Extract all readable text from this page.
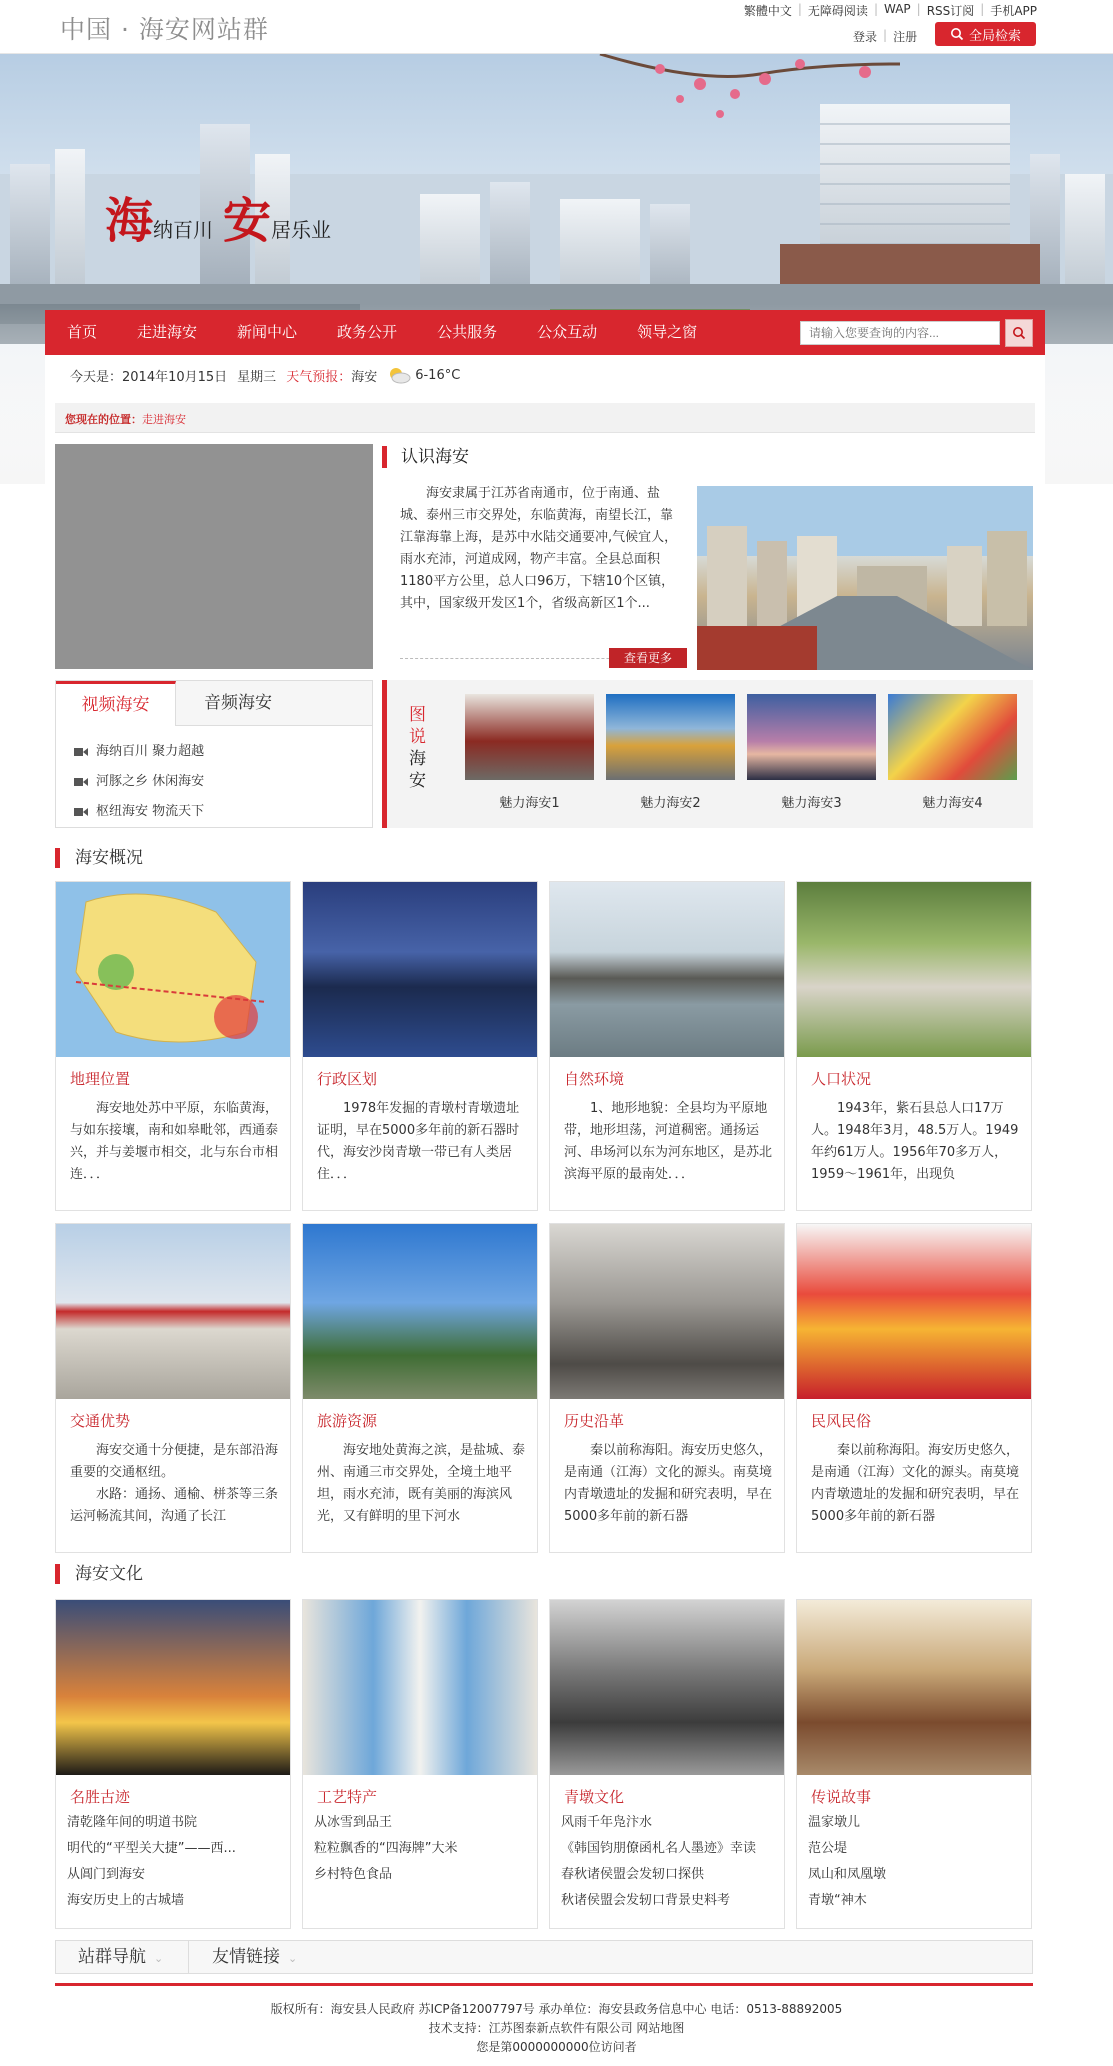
中国 · 海安网站群
繁體中文 | 无障碍阅读 | WAP | RSS订阅 | 手机APP
登录 | 注册	全局检索
海纳百川 安居乐业
首页	走进海安	新闻中心	政务公开	公共服务	公众互动	领导之窗
请输入您要查询的内容...
今天是：2014年10月15日 星期三 天气预报： 海安	6-16°C
您现在的位置：走进海安
认识海安
海安隶属于江苏省南通市，位于南通、盐城、泰州三市交界处，东临黄海，南望长江，靠江靠海靠上海，是苏中水陆交通要冲,气候宜人，雨水充沛，河道成网，物产丰富。全县总面积1180平方公里，总人口96万，下辖10个区镇，其中，国家级开发区1个，省级高新区1个...
查看更多
视频海安	音频海安
海纳百川 聚力超越
河豚之乡 休闲海安
枢纽海安 物流天下
图
说
海
安
魅力海安1	魅力海安2	魅力海安3	魅力海安4
海安概况
地理位置
海安地处苏中平原，东临黄海，与如东接壤，南和如皋毗邻，西通泰兴，并与姜堰市相交，北与东台市相连．．．
行政区划
1978年发掘的青墩村青墩遗址证明，早在5000多年前的新石器时代，海安沙岗青墩一带已有人类居住．．．
自然环境
1、地形地貌：全县均为平原地带，地形坦荡，河道稠密。通扬运河、串场河以东为河东地区，是苏北滨海平原的最南处．．．
人口状况
1943年，紫石县总人口17万人。1948年3月，48.5万人。1949年约61万人。1956年70多万人，1959～1961年，出现负
交通优势
海安交通十分便捷，是东部沿海重要的交通枢纽。
水路：通扬、通榆、栟茶等三条运河畅流其间，沟通了长江
旅游资源
海安地处黄海之滨，是盐城、泰州、南通三市交界处，全境土地平坦，雨水充沛，既有美丽的海滨风光，又有鲜明的里下河水
历史沿革
秦以前称海阳。海安历史悠久，是南通（江海）文化的源头。南莫境内青墩遗址的发掘和研究表明，早在5000多年前的新石器
民风民俗
秦以前称海阳。海安历史悠久，是南通（江海）文化的源头。南莫境内青墩遗址的发掘和研究表明，早在5000多年前的新石器
海安文化
名胜古迹
清乾隆年间的明道书院
明代的“平型关大捷”——西...
从阊门到海安
海安历史上的古城墙
工艺特产
从冰雪到品王
粒粒飘香的“四海牌”大米
乡村特色食品
青墩文化
风雨千年凫汴水
《韩国钧朋僚函札名人墨迹》幸读
春秋诸侯盟会发轫口探供
秋诸侯盟会发轫口背景史料考
传说故事
温家墩儿
范公堤
凤山和凤凰墩
青墩“神木
站群导航 ⌄	友情链接 ⌄
版权所有：海安县人民政府 苏ICP备12007797号 承办单位：海安县政务信息中心 电话：0513-88892005
技术支持：江苏图泰新点软件有限公司 网站地图
您是第0000000000位访问者
